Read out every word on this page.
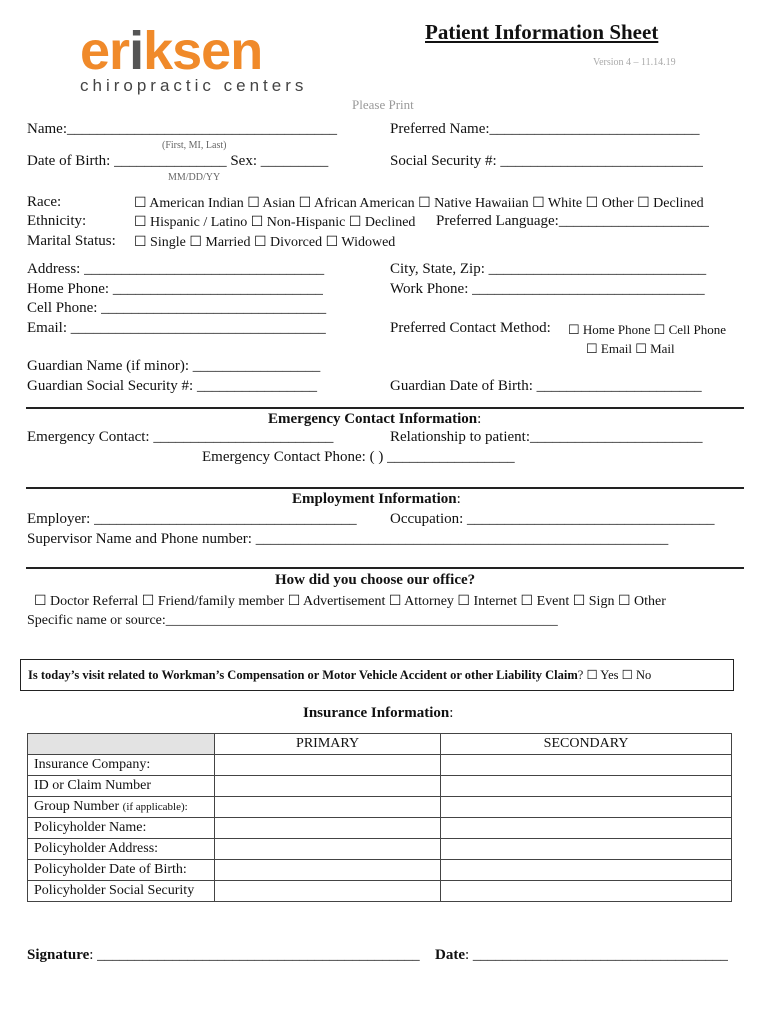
eriksen
chiropractic centers
Patient Information Sheet
Version 4 – 11.14.19
Please Print
Name:____________________________________
(First, MI, Last)
Preferred Name:____________________________
Date of Birth: _______________ Sex: _________
MM/DD/YY
Social Security #: ___________________________
Race:	☐ American Indian ☐ Asian ☐ African American ☐ Native Hawaiian ☐ White ☐ Other ☐ Declined
Ethnicity:	☐ Hispanic / Latino ☐ Non-Hispanic ☐ Declined Preferred Language:____________________
Marital Status: ☐ Single ☐ Married ☐ Divorced ☐ Widowed
Address: ________________________________	City, State, Zip: _____________________________
Home Phone: ____________________________	Work Phone: _______________________________
Cell Phone: ______________________________
Email: __________________________________	Preferred Contact Method: ☐ Home Phone ☐ Cell Phone
☐ Email ☐ Mail
Guardian Name (if minor): _________________
Guardian Social Security #: ________________	Guardian Date of Birth: ______________________
Emergency Contact Information:
Emergency Contact: ________________________	Relationship to patient:_______________________
Emergency Contact Phone: ( ) _________________
Employment Information:
Employer: ___________________________________ Occupation: _________________________________
Supervisor Name and Phone number: _______________________________________________________
How did you choose our office?
☐ Doctor Referral ☐ Friend/family member ☐ Advertisement ☐ Attorney ☐ Internet ☐ Event ☐ Sign ☐ Other
Specific name or source:________________________________________________________
Is today’s visit related to Workman’s Compensation or Motor Vehicle Accident or other Liability Claim? ☐ Yes ☐ No
Insurance Information:
	PRIMARY	SECONDARY
Insurance Company:		
ID or Claim Number		
Group Number (if applicable):		
Policyholder Name:		
Policyholder Address:		
Policyholder Date of Birth:		
Policyholder Social Security		
Signature: ___________________________________________ Date: __________________________________
